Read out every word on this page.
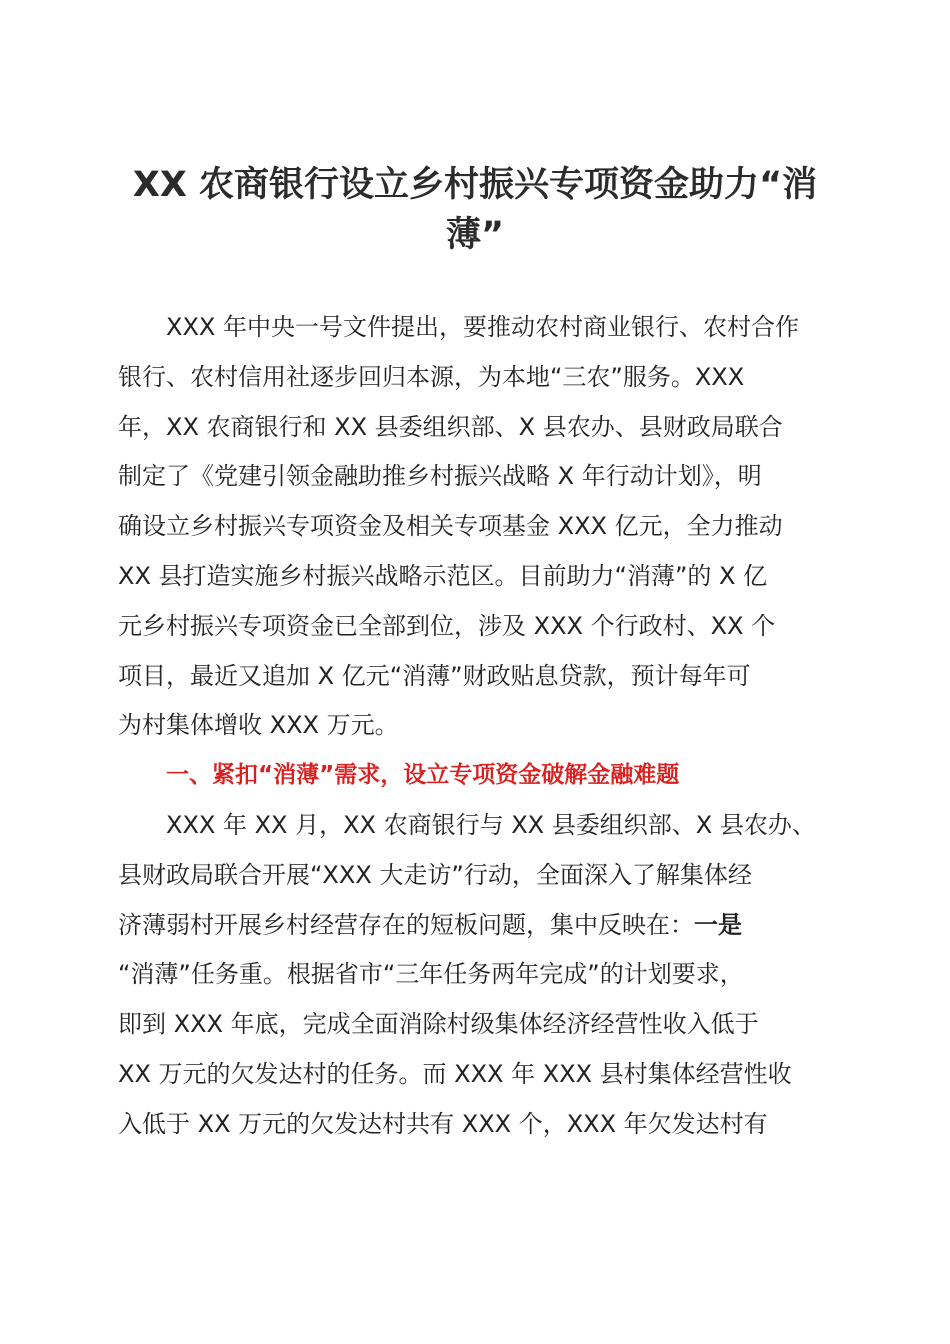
XX 农商银行设立乡村振兴专项资金助力“消
薄”
XXX 年中央一号文件提出，要推动农村商业银行、农村合作
银行、农村信用社逐步回归本源，为本地“三农”服务。XXX
年，XX 农商银行和 XX 县委组织部、X 县农办、县财政局联合
制定了《党建引领金融助推乡村振兴战略 X 年行动计划》，明
确设立乡村振兴专项资金及相关专项基金 XXX 亿元，全力推动
XX 县打造实施乡村振兴战略示范区。目前助力“消薄”的 X 亿
元乡村振兴专项资金已全部到位，涉及 XXX 个行政村、XX 个
项目，最近又追加 X 亿元“消薄”财政贴息贷款，预计每年可
为村集体增收 XXX 万元。
一、紧扣“消薄”需求，设立专项资金破解金融难题
XXX 年 XX 月，XX 农商银行与 XX 县委组织部、X 县农办、
县财政局联合开展“XXX 大走访”行动，全面深入了解集体经
济薄弱村开展乡村经营存在的短板问题，集中反映在：一是
“消薄”任务重。根据省市“三年任务两年完成”的计划要求，
即到 XXX 年底，完成全面消除村级集体经济经营性收入低于
XX 万元的欠发达村的任务。而 XXX 年 XXX 县村集体经营性收
入低于 XX 万元的欠发达村共有 XXX 个，XXX 年欠发达村有
